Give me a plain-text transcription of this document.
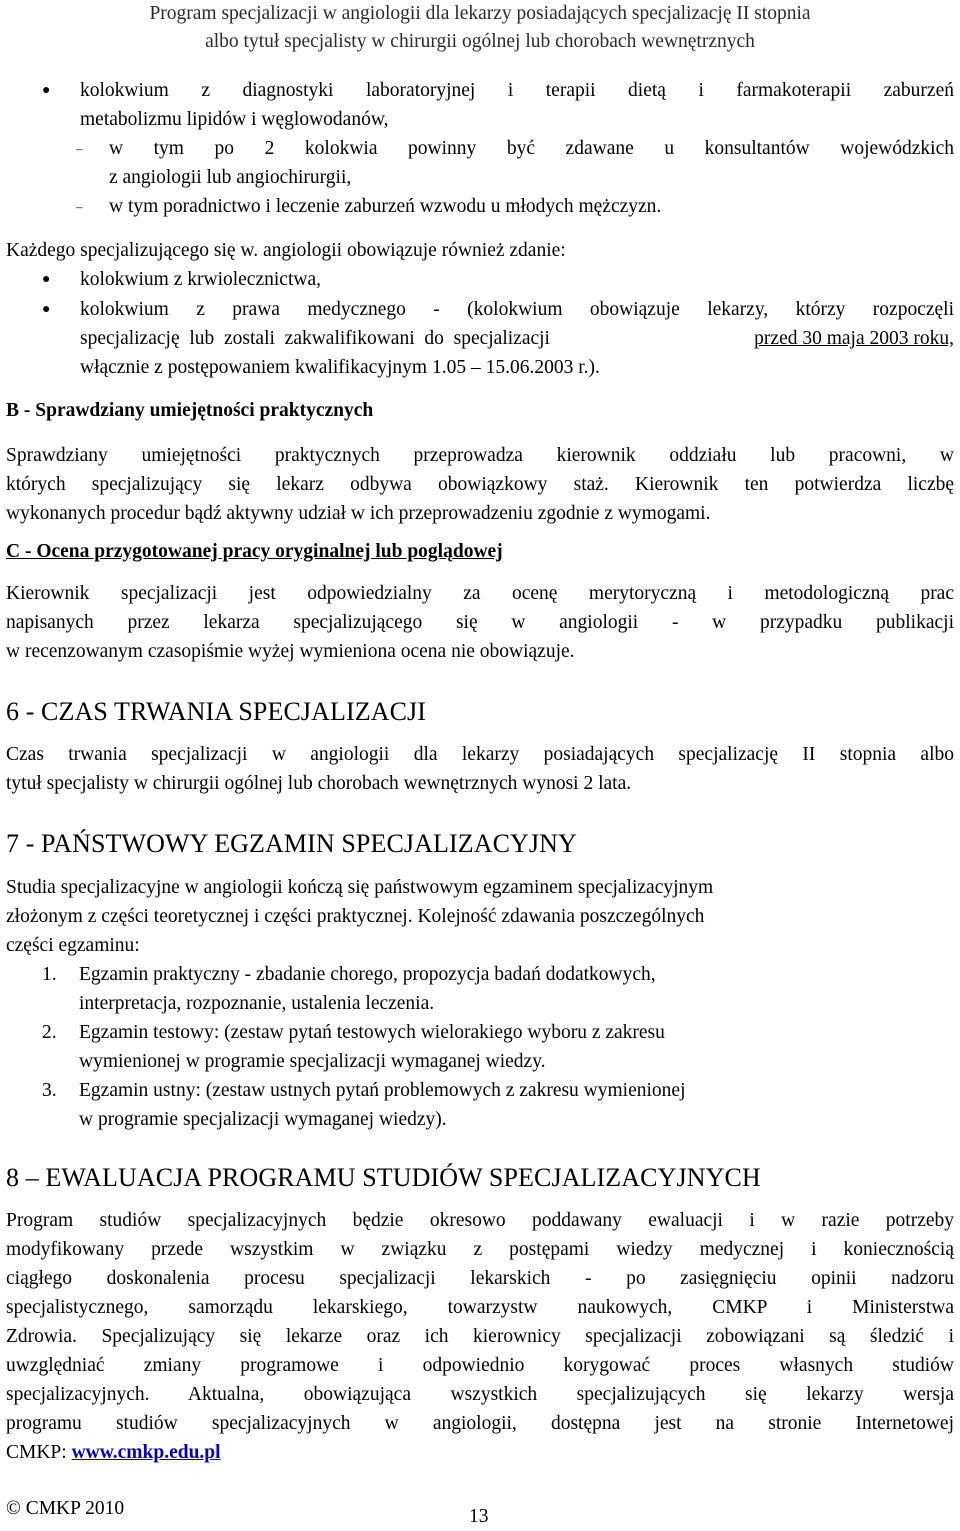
Program specjalizacji w angiologii dla lekarzy posiadających specjalizację II stopnia
albo tytuł specjalisty w chirurgii ogólnej lub chorobach wewnętrznych
● kolokwium z diagnostyki laboratoryjnej i terapii dietą i farmakoterapii zaburzeń
metabolizmu lipidów i węglowodanów,
– w tym po 2 kolokwia powinny być zdawane u konsultantów wojewódzkich
z angiologii lub angiochirurgii,
– w tym poradnictwo i leczenie zaburzeń wzwodu u młodych mężczyzn.
Każdego specjalizującego się w. angiologii obowiązuje również zdanie:
● kolokwium z krwiolecznictwa,
● kolokwium z prawa medycznego - (kolokwium obowiązuje lekarzy, którzy rozpoczęli
specjalizację  lub  zostali  zakwalifikowani  do  specjalizacji	przed 30 maja 2003 roku,
włącznie z postępowaniem kwalifikacyjnym 1.05 – 15.06.2003 r.).
B - Sprawdziany umiejętności praktycznych
Sprawdziany umiejętności praktycznych przeprowadza kierownik oddziału lub pracowni, w
których specjalizujący się lekarz odbywa obowiązkowy staż. Kierownik ten potwierdza liczbę
wykonanych procedur bądź aktywny udział w ich przeprowadzeniu zgodnie z wymogami.
C - Ocena przygotowanej pracy oryginalnej lub poglądowej
Kierownik specjalizacji jest odpowiedzialny za ocenę merytoryczną i metodologiczną prac
napisanych przez lekarza specjalizującego się w angiologii - w przypadku publikacji
w recenzowanym czasopiśmie wyżej wymieniona ocena nie obowiązuje.
6 - CZAS TRWANIA SPECJALIZACJI
Czas trwania specjalizacji w angiologii dla lekarzy posiadających specjalizację II stopnia albo
tytuł specjalisty w chirurgii ogólnej lub chorobach wewnętrznych wynosi 2 lata.
7 - PAŃSTWOWY EGZAMIN SPECJALIZACYJNY
Studia specjalizacyjne w angiologii kończą się państwowym egzaminem specjalizacyjnym
złożonym z części teoretycznej i części praktycznej. Kolejność zdawania poszczególnych
części egzaminu:
1. Egzamin praktyczny - zbadanie chorego, propozycja badań dodatkowych,
interpretacja, rozpoznanie, ustalenia leczenia.
2. Egzamin testowy: (zestaw pytań testowych wielorakiego wyboru z zakresu
wymienionej w programie specjalizacji wymaganej wiedzy.
3. Egzamin ustny: (zestaw ustnych pytań problemowych z zakresu wymienionej
w programie specjalizacji wymaganej wiedzy).
8 – EWALUACJA PROGRAMU STUDIÓW SPECJALIZACYJNYCH
Program studiów specjalizacyjnych będzie okresowo poddawany ewaluacji i w razie potrzeby
modyfikowany przede wszystkim w związku z postępami wiedzy medycznej i koniecznością
ciągłego doskonalenia procesu specjalizacji lekarskich - po zasięgnięciu opinii nadzoru
specjalistycznego, samorządu lekarskiego, towarzystw naukowych, CMKP i Ministerstwa
Zdrowia. Specjalizujący się lekarze oraz ich kierownicy specjalizacji zobowiązani są śledzić i
uwzględniać zmiany programowe i odpowiednio korygować proces własnych studiów
specjalizacyjnych. Aktualna, obowiązująca wszystkich specjalizujących się lekarzy wersja
programu studiów specjalizacyjnych w angiologii, dostępna jest na stronie Internetowej
CMKP: www.cmkp.edu.pl
© CMKP 2010	13
